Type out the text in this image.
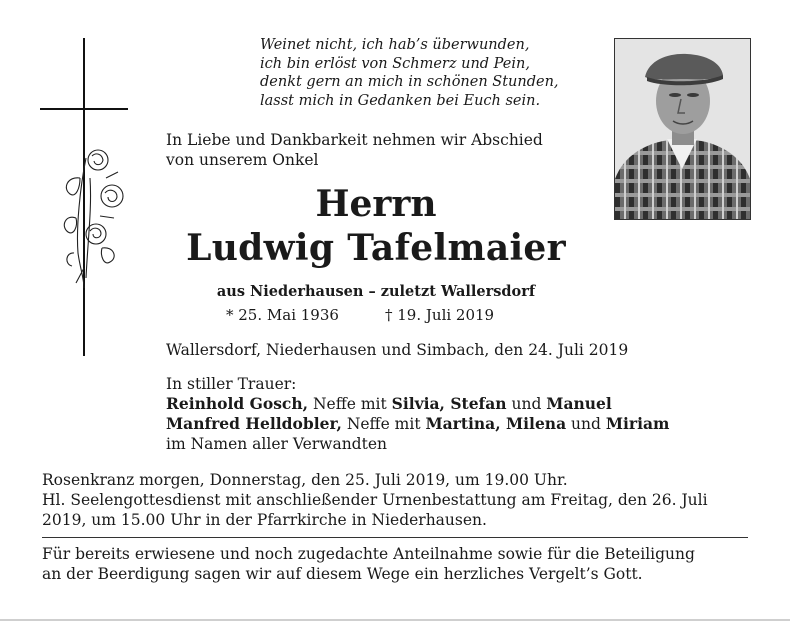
Weinet nicht, ich hab’s überwunden,
ich bin erlöst von Schmerz und Pein,
denkt gern an mich in schönen Stunden,
lasst mich in Gedanken bei Euch sein.
In Liebe und Dankbarkeit nehmen wir Abschied
von unserem Onkel
Herrn
Ludwig Tafelmaier
aus Niederhausen – zuletzt Wallersdorf
* 25. Mai 1936	† 19. Juli 2019
Wallersdorf, Niederhausen und Simbach, den 24. Juli 2019
In stiller Trauer:
Reinhold Gosch, Neffe mit Silvia, Stefan und Manuel
Manfred Helldobler, Neffe mit Martina, Milena und Miriam
im Namen aller Verwandten
Rosenkranz morgen, Donnerstag, den 25. Juli 2019, um 19.00 Uhr.
Hl. Seelengottesdienst mit anschließender Urnenbestattung am Freitag, den 26. Juli
2019, um 15.00 Uhr in der Pfarrkirche in Niederhausen.
Für bereits erwiesene und noch zugedachte Anteilnahme sowie für die Beteiligung
an der Beerdigung sagen wir auf diesem Wege ein herzliches Vergelt’s Gott.
